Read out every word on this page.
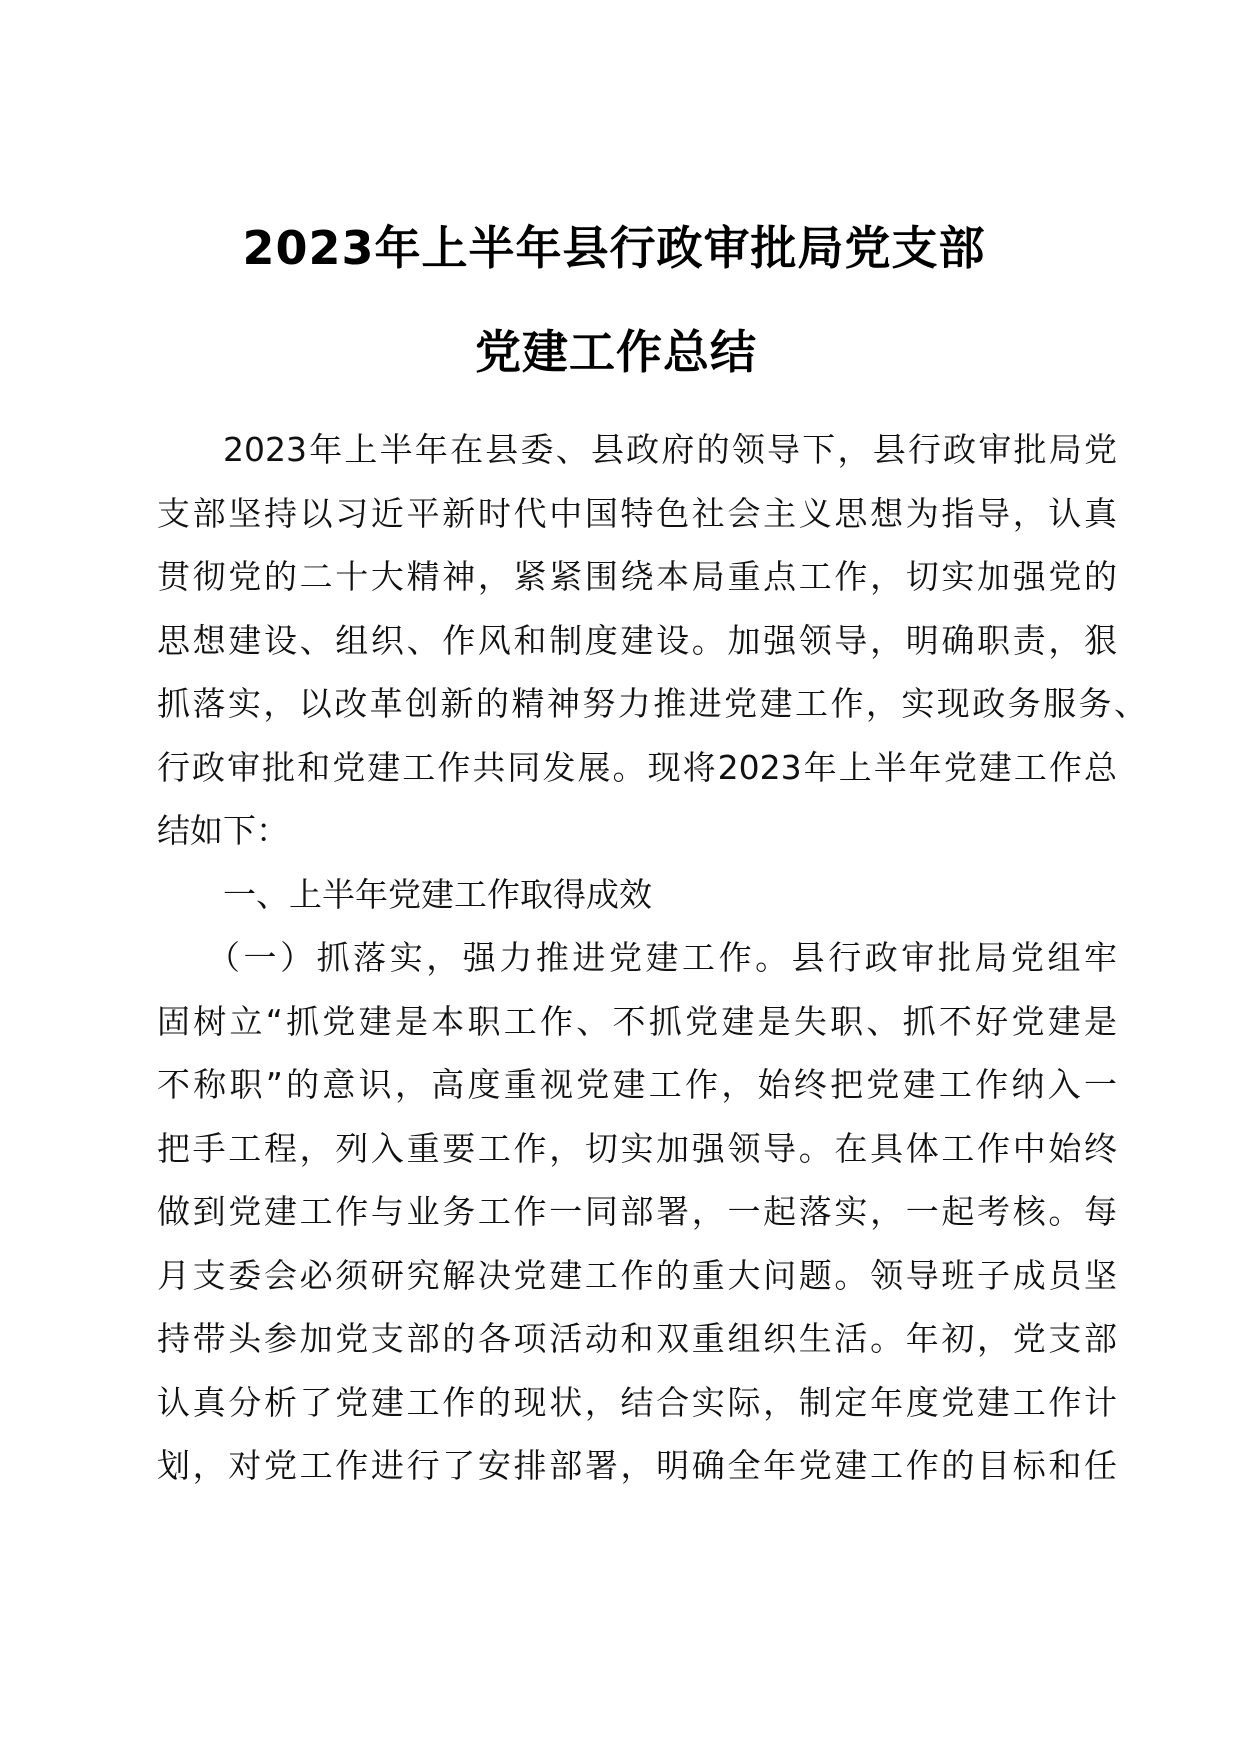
2023年上半年县行政审批局党支部
党建工作总结
2023年上半年在县委、县政府的领导下，县行政审批局党
支部坚持以习近平新时代中国特色社会主义思想为指导，认真
贯彻党的二十大精神，紧紧围绕本局重点工作，切实加强党的
思想建设、组织、作风和制度建设。加强领导，明确职责，狠
抓落实，以改革创新的精神努力推进党建工作，实现政务服务、
行政审批和党建工作共同发展。现将2023年上半年党建工作总
结如下：
一、上半年党建工作取得成效
（一）抓落实，强力推进党建工作。县行政审批局党组牢
固树立“抓党建是本职工作、不抓党建是失职、抓不好党建是
不称职”的意识，高度重视党建工作，始终把党建工作纳入一
把手工程，列入重要工作，切实加强领导。在具体工作中始终
做到党建工作与业务工作一同部署，一起落实，一起考核。每
月支委会必须研究解决党建工作的重大问题。领导班子成员坚
持带头参加党支部的各项活动和双重组织生活。年初，党支部
认真分析了党建工作的现状，结合实际，制定年度党建工作计
划，对党工作进行了安排部署，明确全年党建工作的目标和任
